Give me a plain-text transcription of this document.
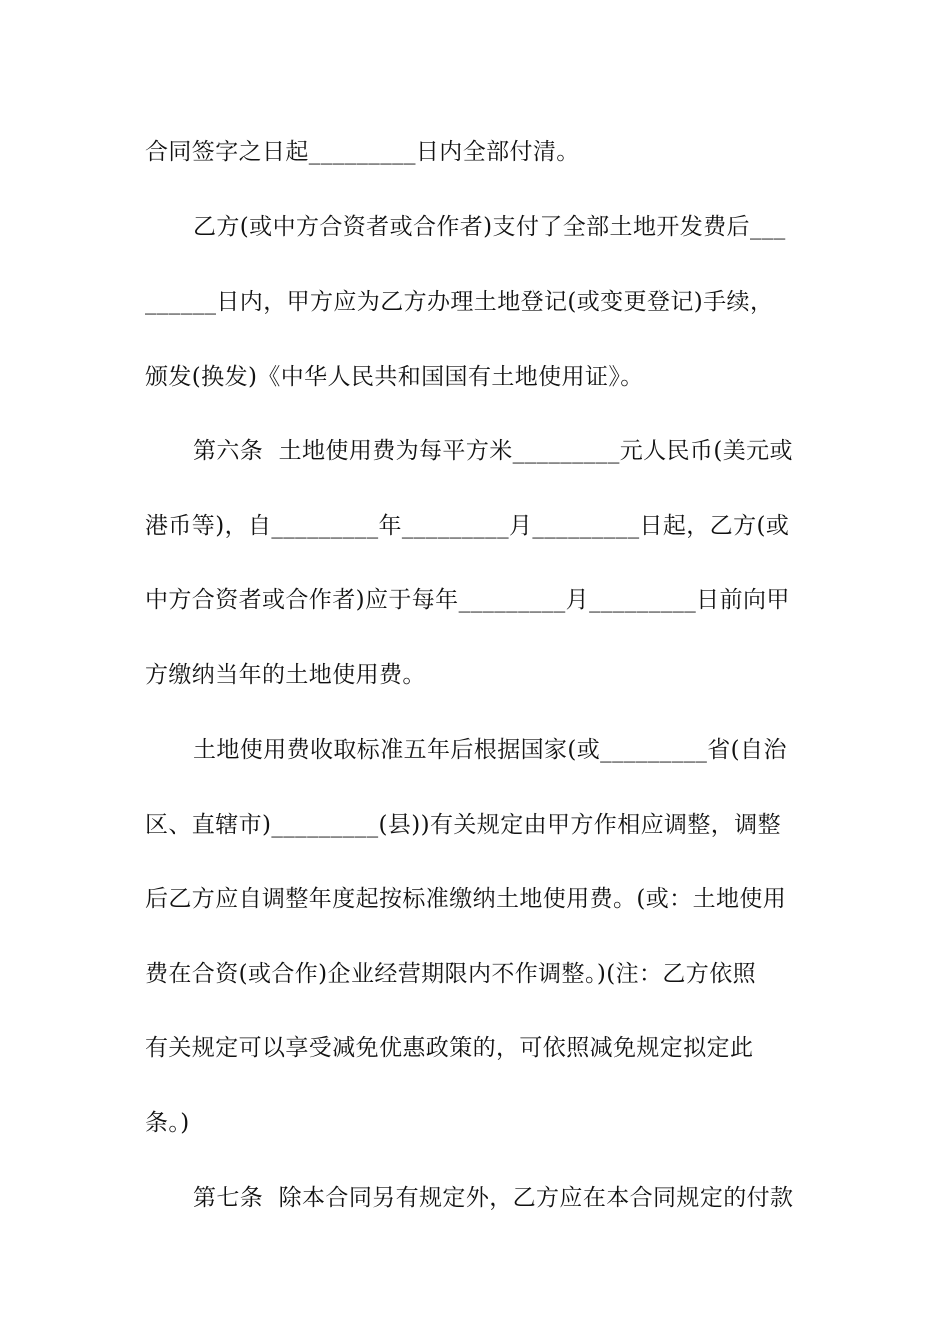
合同签字之日起_________日内全部付清。
乙方(或中方合资者或合作者)支付了全部土地开发费后___
______日内，甲方应为乙方办理土地登记(或变更登记)手续，
颁发(换发)《中华人民共和国国有土地使用证》。
第六条  土地使用费为每平方米_________元人民币(美元或
港币等)，自_________年_________月_________日起，乙方(或
中方合资者或合作者)应于每年_________月_________日前向甲
方缴纳当年的土地使用费。
土地使用费收取标准五年后根据国家(或_________省(自治
区、直辖市)_________(县))有关规定由甲方作相应调整，调整
后乙方应自调整年度起按标准缴纳土地使用费。(或：土地使用
费在合资(或合作)企业经营期限内不作调整。)(注：乙方依照
有关规定可以享受减免优惠政策的，可依照减免规定拟定此
条。)
第七条  除本合同另有规定外，乙方应在本合同规定的付款
